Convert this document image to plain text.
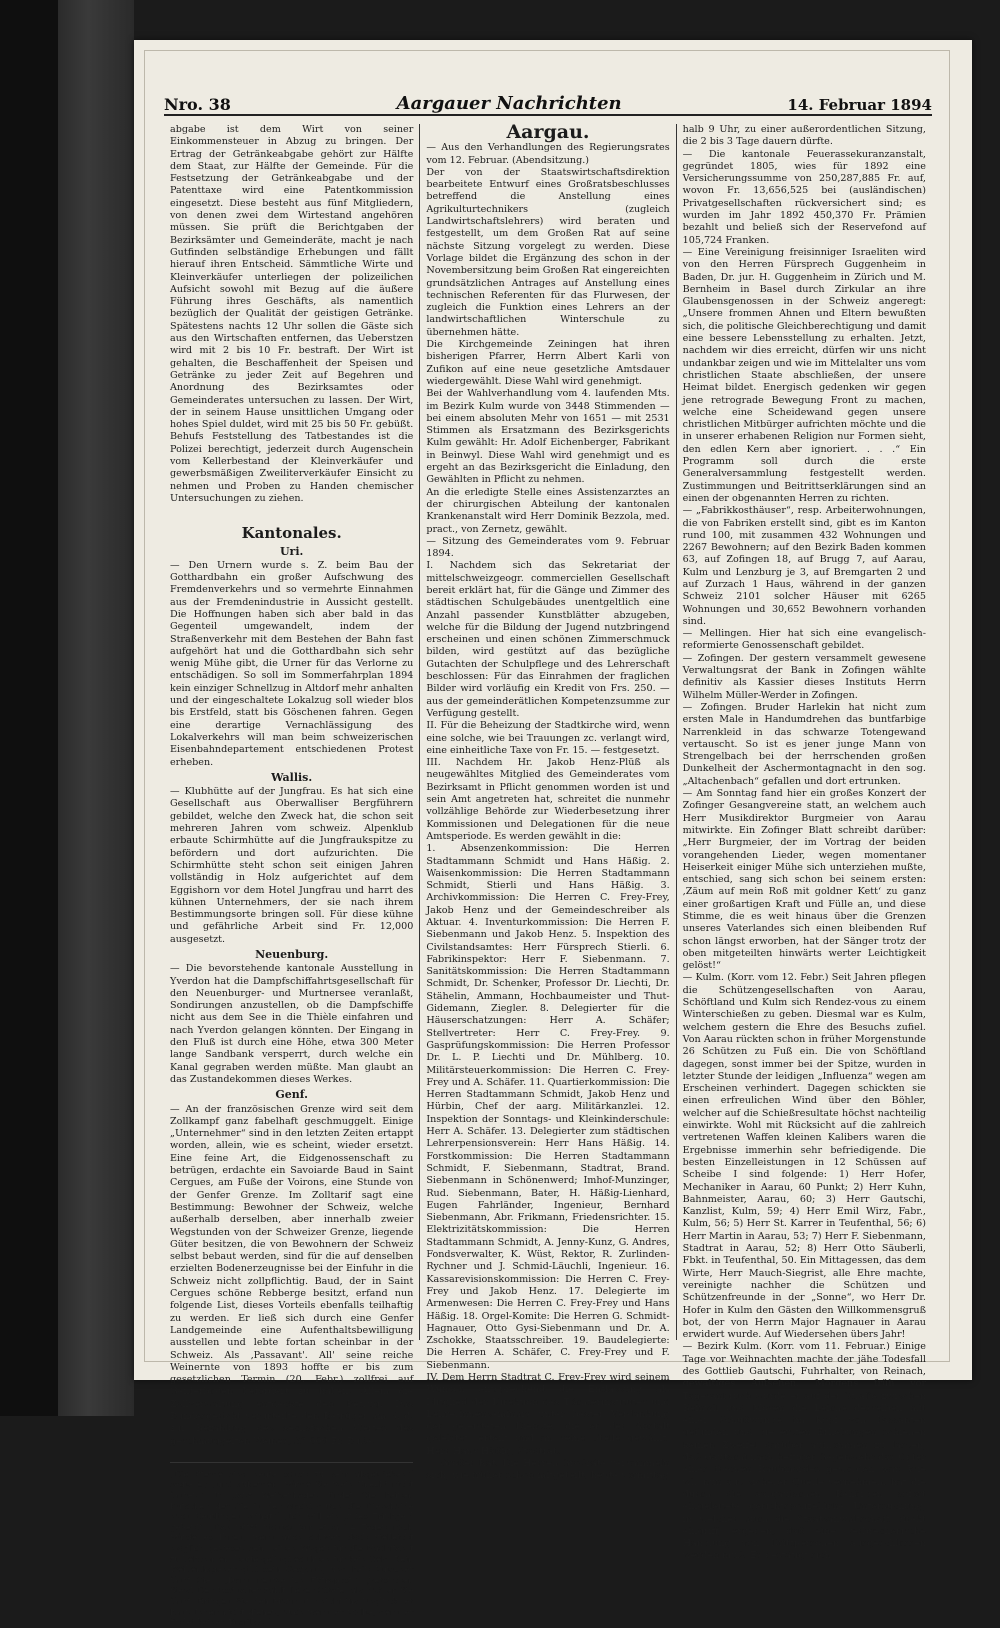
Nro. 38	Aargauer Nachrichten	14. Februar 1894

abgabe ist dem Wirt von seiner Einkommensteuer in Abzug zu bringen. Der Ertrag der Getränkeabgabe gehört zur Hälfte dem Staat, zur Hälfte der Gemeinde. Für die Festsetzung der Getränkeabgabe und der Patenttaxe wird eine Patentkommission eingesetzt. Diese besteht aus fünf Mitgliedern, von denen zwei dem Wirtestand angehören müssen. Sie prüft die Berichtgaben der Bezirksämter und Gemeinderäte, macht je nach Gutfinden selbständige Erhebungen und fällt hierauf ihren Entscheid. Sämmtliche Wirte und Kleinverkäufer unterliegen der polizeilichen Aufsicht sowohl mit Bezug auf die äußere Führung ihres Geschäfts, als namentlich bezüglich der Qualität der geistigen Getränke. Spätestens nachts 12 Uhr sollen die Gäste sich aus den Wirtschaften entfernen, das Ueberstzen wird mit 2 bis 10 Fr. bestraft. Der Wirt ist gehalten, die Beschaffenheit der Speisen und Getränke zu jeder Zeit auf Begehren und Anordnung des Bezirksamtes oder Gemeinderates untersuchen zu lassen. Der Wirt, der in seinem Hause unsittlichen Umgang oder hohes Spiel duldet, wird mit 25 bis 50 Fr. gebüßt. Behufs Feststellung des Tatbestandes ist die Polizei berechtigt, jederzeit durch Augenschein vom Kellerbestand der Kleinverkäufer und gewerbsmäßigen Zweiliterverkäufer Einsicht zu nehmen und Proben zu Handen chemischer Untersuchungen zu ziehen.

Kantonales.
Uri.

— Den Urnern wurde s. Z. beim Bau der Gotthardbahn ein großer Aufschwung des Fremdenverkehrs und so vermehrte Einnahmen aus der Fremdenindustrie in Aussicht gestellt. Die Hoffnungen haben sich aber bald in das Gegenteil umgewandelt, indem der Straßenverkehr mit dem Bestehen der Bahn fast aufgehört hat und die Gotthardbahn sich sehr wenig Mühe gibt, die Urner für das Verlorne zu entschädigen. So soll im Sommerfahrplan 1894 kein einziger Schnellzug in Altdorf mehr anhalten und der eingeschaltete Lokalzug soll wieder blos bis Erstfeld, statt bis Göschenen fahren. Gegen eine derartige Vernachlässigung des Lokalverkehrs will man beim schweizerischen Eisenbahndepartement entschiedenen Protest erheben.

Wallis.

— Klubhütte auf der Jungfrau. Es hat sich eine Gesellschaft aus Oberwalliser Bergführern gebildet, welche den Zweck hat, die schon seit mehreren Jahren vom schweiz. Alpenklub erbaute Schirmhütte auf die Jungfraukspitze zu befördern und dort aufzurichten. Die Schirmhütte steht schon seit einigen Jahren vollständig in Holz aufgerichtet auf dem Eggishorn vor dem Hotel Jungfrau und harrt des kühnen Unternehmers, der sie nach ihrem Bestimmungsorte bringen soll. Für diese kühne und gefährliche Arbeit sind Fr. 12,000 ausgesetzt.

Neuenburg.

— Die bevorstehende kantonale Ausstellung in Yverdon hat die Dampfschiffahrtsgesellschaft für den Neuenburger- und Murtnersee veranlaßt, Sondirungen anzustellen, ob die Dampfschiffe nicht aus dem See in die Thièle einfahren und nach Yverdon gelangen könnten. Der Eingang in den Fluß ist durch eine Höhe, etwa 300 Meter lange Sandbank versperrt, durch welche ein Kanal gegraben werden müßte. Man glaubt an das Zustandekommen dieses Werkes.

Genf.

— An der französischen Grenze wird seit dem Zollkampf ganz fabelhaft geschmuggelt. Einige „Unternehmer“ sind in den letzten Zeiten ertappt worden, allein, wie es scheint, wieder ersetzt. Eine feine Art, die Eidgenossenschaft zu betrügen, erdachte ein Savoiarde Baud in Saint Cergues, am Fuße der Voirons, eine Stunde von der Genfer Grenze. Im Zolltarif sagt eine Bestimmung: Bewohner der Schweiz, welche außerhalb derselben, aber innerhalb zweier Wegstunden von der Schweizer Grenze, liegende Güter besitzen, die von Bewohnern der Schweiz selbst bebaut werden, sind für die auf denselben erzielten Bodenerzeugnisse bei der Einfuhr in die Schweiz nicht zollpflichtig. Baud, der in Saint Cergues schöne Rebberge besitzt, erfand nun folgende List, dieses Vorteils ebenfalls teilhaftig zu werden. Er ließ sich durch eine Genfer Landgemeinde eine Aufenthaltsbewilligung ausstellen und lebte fortan scheinbar in der Schweiz. Als ‚Passavant'. All' seine reiche Weinernte von 1893 hoffte er bis zum gesetzlichen Termin (20. Febr.) zollfrei auf Genferboden befördert zu haben. Allein die Zollverwaltung entdeckte den Betrug. Das Bundesgericht verurteilte den Betrüger am 5. d. zur Bezahlung des sechsfachen Wertes des geschmuggelten Weines, 33,000 Fr. Buße.

„Die Pferde sind heute schon zu sehr abgetrieben,“ sagte er, „und außerdem würde Sie mein Knecht nicht fahren.“ In ganz Weibenhagen findet Sie keinen Kutscher, der Sie in der Nacht durch die Diebshaide nach Beutlingen bringt.“ „Ich will ein gutes Trinkgeld geben!“ „Das nützt nichts! Vor etwa 14 Tagen noch würde es Ihnen, wenn auch schwer, doch vielleicht möglich gewesen sein, einen Wagen für die Nachtfahrt zu bekommen, heute gelingt es Ihnen für kein Geld. Kein Weibenhagener gibt sein Gespann, und kein Kutscher fährt Sie.“ „Dann nehme ich Extrapost.“ „Versuchen Sie's! Der Posthalter zahlt lieber Strafe, als daß er Sie fährt. Bringen Sie den Mann nur nicht ins Unglück, er kann Ihnen nicht dienen, auch wenn er wollte, denn er findet keinen Postillon.“
Aargau.

— Aus den Verhandlungen des Regierungsrates vom 12. Februar. (Abendsitzung.)

Der von der Staatswirtschaftsdirektion bearbeitete Entwurf eines Großratsbeschlusses betreffend die Anstellung eines Agrikulturtechnikers (zugleich Landwirtschaftslehrers) wird beraten und festgestellt, um dem Großen Rat auf seine nächste Sitzung vorgelegt zu werden. Diese Vorlage bildet die Ergänzung des schon in der Novembersitzung beim Großen Rat eingereichten grundsätzlichen Antrages auf Anstellung eines technischen Referenten für das Flurwesen, der zugleich die Funktion eines Lehrers an der landwirtschaftlichen Winterschule zu übernehmen hätte.

Die Kirchgemeinde Zeiningen hat ihren bisherigen Pfarrer, Herrn Albert Karli von Zufikon auf eine neue gesetzliche Amtsdauer wiedergewählt. Diese Wahl wird genehmigt.

Bei der Wahlverhandlung vom 4. laufenden Mts. im Bezirk Kulm wurde von 3448 Stimmenden — bei einem absoluten Mehr von 1651 — mit 2531 Stimmen als Ersatzmann des Bezirksgerichts Kulm gewählt: Hr. Adolf Eichenberger, Fabrikant in Beinwyl. Diese Wahl wird genehmigt und es ergeht an das Bezirksgericht die Einladung, den Gewählten in Pflicht zu nehmen.

An die erledigte Stelle eines Assistenzarztes an der chirurgischen Abteilung der kantonalen Krankenanstalt wird Herr Dominik Bezzola, med. pract., von Zernetz, gewählt.

— Sitzung des Gemeinderates vom 9. Februar 1894.

I. Nachdem sich das Sekretariat der mittelschweizgeogr. commerciellen Gesellschaft bereit erklärt hat, für die Gänge und Zimmer des städtischen Schulgebäudes unentgeltlich eine Anzahl passender Kunstblätter abzugeben, welche für die Bildung der Jugend nutzbringend erscheinen und einen schönen Zimmerschmuck bilden, wird gestützt auf das bezügliche Gutachten der Schulpflege und des Lehrerschaft beschlossen: Für das Einrahmen der fraglichen Bilder wird vorläufig ein Kredit von Frs. 250. — aus der gemeinderätlichen Kompetenzsumme zur Verfügung gestellt.

II. Für die Beheizung der Stadtkirche wird, wenn eine solche, wie bei Trauungen zc. verlangt wird, eine einheitliche Taxe von Fr. 15. — festgesetzt.

III. Nachdem Hr. Jakob Henz-Plüß als neugewähltes Mitglied des Gemeinderates vom Bezirksamt in Pflicht genommen worden ist und sein Amt angetreten hat, schreitet die nunmehr vollzählige Behörde zur Wiederbesetzung ihrer Kommissionen und Delegationen für die neue Amtsperiode. Es werden gewählt in die:

1. Absenzenkommission: Die Herren Stadtammann Schmidt und Hans Häßig. 2. Waisenkommission: Die Herren Stadtammann Schmidt, Stierli und Hans Häßig. 3. Archivkommission: Die Herren C. Frey-Frey, Jakob Henz und der Gemeindeschreiber als Aktuar. 4. Inventurkommission: Die Herren F. Siebenmann und Jakob Henz. 5. Inspektion des Civilstandsamtes: Herr Fürsprech Stierli. 6. Fabrikinspektor: Herr F. Siebenmann. 7. Sanitätskommission: Die Herren Stadtammann Schmidt, Dr. Schenker, Professor Dr. Liechti, Dr. Stähelin, Ammann, Hochbaumeister und Thut-Gidemann, Ziegler. 8. Delegierter für die Häuserschatzungen: Herr A. Schäfer; Stellvertreter: Herr C. Frey-Frey. 9. Gasprüfungskommission: Die Herren Professor Dr. L. P. Liechti und Dr. Mühlberg. 10. Militärsteuerkommission: Die Herren C. Frey-Frey und A. Schäfer. 11. Quartierkommission: Die Herren Stadtammann Schmidt, Jakob Henz und Hürbin, Chef der aarg. Militärkanzlei. 12. Inspektion der Sonntags- und Kleinkinderschule: Herr A. Schäfer. 13. Delegierter zum städtischen Lehrerpensionsverein: Herr Hans Häßig. 14. Forstkommission: Die Herren Stadtammann Schmidt, F. Siebenmann, Stadtrat, Brand. Siebenmann in Schönenwerd; Imhof-Munzinger, Rud. Siebenmann, Bater, H. Häßig-Lienhard, Eugen Fahrländer, Ingenieur, Bernhard Siebenmann, Abr. Frikmann, Friedensrichter. 15. Elektrizitätskommission: Die Herren Stadtammann Schmidt, A. Jenny-Kunz, G. Andres, Fondsverwalter, K. Wüst, Rektor, R. Zurlinden-Rychner und J. Schmid-Läuchli, Ingenieur. 16. Kassarevisionskommission: Die Herren C. Frey-Frey und Jakob Henz. 17. Delegierte im Armenwesen: Die Herren C. Frey-Frey und Hans Häßig. 18. Orgel-Komite: Die Herren G. Schmidt-Hagnauer, Otto Gysi-Siebenmann und Dr. A. Zschokke, Staatsschreiber. 19. Baudelegierte: Die Herren A. Schäfer, C. Frey-Frey und F. Siebenmann.

IV. Dem Herrn Stadtrat C. Frey-Frey wird seinem Wunsch entsprechend die Entlassung als Mitglied der Direktion des Töchterinstitutes und Lehrerinnenseminars unter bester Verdankung der geleisteten Dienste, die er der Anstalt geleistet, erteilt und an seine Stelle gewählt: Herr Hans Häßig, Stadtrat.

— Großer Rat. Die Herren Großräte versammeln sich, wie früher schon mitgeteilt, heute vormittag

halb 9 Uhr, zu einer außerordentlichen Sitzung, die 2 bis 3 Tage dauern dürfte.

— Die kantonale Feuerassekuranzanstalt, gegründet 1805, wies für 1892 eine Versicherungssumme von 250,287,885 Fr. auf, wovon Fr. 13,656,525 bei (ausländischen) Privatgesellschaften rückversichert sind; es wurden im Jahr 1892 450,370 Fr. Prämien bezahlt und beließ sich der Reservefond auf 105,724 Franken.

— Eine Vereinigung freisinniger Israeliten wird von den Herren Fürsprech Guggenheim in Baden, Dr. jur. H. Guggenheim in Zürich und M. Bernheim in Basel durch Zirkular an ihre Glaubensgenossen in der Schweiz angeregt: „Unsere frommen Ahnen und Eltern bewußten sich, die politische Gleichberechtigung und damit eine bessere Lebensstellung zu erhalten. Jetzt, nachdem wir dies erreicht, dürfen wir uns nicht undankbar zeigen und wie im Mittelalter uns vom christlichen Staate abschließen, der unsere Heimat bildet. Energisch gedenken wir gegen jene retrograde Bewegung Front zu machen, welche eine Scheidewand gegen unsere christlichen Mitbürger aufrichten möchte und die in unserer erhabenen Religion nur Formen sieht, den edlen Kern aber ignoriert. . . .“ Ein Programm soll durch die erste Generalversammlung festgestellt werden. Zustimmungen und Beitrittserklärungen sind an einen der obgenannten Herren zu richten.

— „Fabrikkosthäuser“, resp. Arbeiterwohnungen, die von Fabriken erstellt sind, gibt es im Kanton rund 100, mit zusammen 432 Wohnungen und 2267 Bewohnern; auf den Bezirk Baden kommen 63, auf Zofingen 18, auf Brugg 7, auf Aarau, Kulm und Lenzburg je 3, auf Bremgarten 2 und auf Zurzach 1 Haus, während in der ganzen Schweiz 2101 solcher Häuser mit 6265 Wohnungen und 30,652 Bewohnern vorhanden sind.

— Mellingen. Hier hat sich eine evangelisch-reformierte Genossenschaft gebildet.

— Zofingen. Der gestern versammelt gewesene Verwaltungsrat der Bank in Zofingen wählte definitiv als Kassier dieses Instituts Herrn Wilhelm Müller-Werder in Zofingen.

— Zofingen. Bruder Harlekin hat nicht zum ersten Male in Handumdrehen das buntfarbige Narrenkleid in das schwarze Totengewand vertauscht. So ist es jener junge Mann von Strengelbach bei der herrschenden großen Dunkelheit der Aschermontagnacht in den sog. „Altachenbach“ gefallen und dort ertrunken.

— Am Sonntag fand hier ein großes Konzert der Zofinger Gesangvereine statt, an welchem auch Herr Musikdirektor Burgmeier von Aarau mitwirkte. Ein Zofinger Blatt schreibt darüber: „Herr Burgmeier, der im Vortrag der beiden vorangehenden Lieder, wegen momentaner Heiserkeit einiger Mühe sich unterziehen mußte, entschied, sang sich schon bei seinem ersten: ‚Zäum auf mein Roß mit goldner Kett‘ zu ganz einer großartigen Kraft und Fülle an, und diese Stimme, die es weit hinaus über die Grenzen unseres Vaterlandes sich einen bleibenden Ruf schon längst erworben, hat der Sänger trotz der oben mitgeteilten hinwärts werter Leichtigkeit gelöst!“

— Kulm. (Korr. vom 12. Febr.) Seit Jahren pflegen die Schützengesellschaften von Aarau, Schöftland und Kulm sich Rendez-vous zu einem Winterschießen zu geben. Diesmal war es Kulm, welchem gestern die Ehre des Besuchs zufiel. Von Aarau rückten schon in früher Morgenstunde 26 Schützen zu Fuß ein. Die von Schöftland dagegen, sonst immer bei der Spitze, wurden in letzter Stunde der leidigen „Influenza“ wegen am Erscheinen verhindert. Dagegen schickten sie einen erfreulichen Wind über den Böhler, welcher auf die Schießresultate höchst nachteilig einwirkte. Wohl mit Rücksicht auf die zahlreich vertretenen Waffen kleinen Kalibers waren die Ergebnisse immerhin sehr befriedigende. Die besten Einzelleistungen in 12 Schüssen auf Scheibe I sind folgende: 1) Herr Hofer, Mechaniker in Aarau, 60 Punkt; 2) Herr Kuhn, Bahnmeister, Aarau, 60; 3) Herr Gautschi, Kanzlist, Kulm, 59; 4) Herr Emil Wirz, Fabr., Kulm, 56; 5) Herr St. Karrer in Teufenthal, 56; 6) Herr Martin in Aarau, 53; 7) Herr F. Siebenmann, Stadtrat in Aarau, 52; 8) Herr Otto Säuberli, Fbkt. in Teufenthal, 50. Ein Mittagessen, das dem Wirte, Herr Mauch-Siegrist, alle Ehre machte, vereinigte nachher die Schützen und Schützenfreunde in der „Sonne“, wo Herr Dr. Hofer in Kulm den Gästen den Willkommensgruß bot, der von Herrn Major Hagnauer in Aarau erwidert wurde. Auf Wiedersehen übers Jahr!

— Bezirk Kulm. (Korr. vom 11. Februar.) Einige Tage vor Weihnachten machte der jähe Todesfall des Gottlieb Gautschi, Fuhrhalter, von Reinach, gewaltiges Aufsehen. Morgens früh vor Tagesanbruch wurde er auf der Straße zwischen Beinwil und Mosen die Leiche desselben mit einer Schußwunde im Kopf von Passanten gefunden und die ersten Erhebungen schienen keinen Zweifel darüber aufkommen zu lassen, daß Gautschi nach heftiger Gegenwehr das Opfer eines frechen Raubmordes geworden war. Wie wir nun aus sicherer Quelle vernehmen, hat die durch die aargauischen Behörden sofort eingeleitete gerichtspolizeiliche Untersuchung, in welcher auch die Staatsanwaltschaft direkt eingriff, ergeben, daß eine verbrecherische Handlung von Drittpersonen ausgeschlossen werden muß. Es bestätigt sich
